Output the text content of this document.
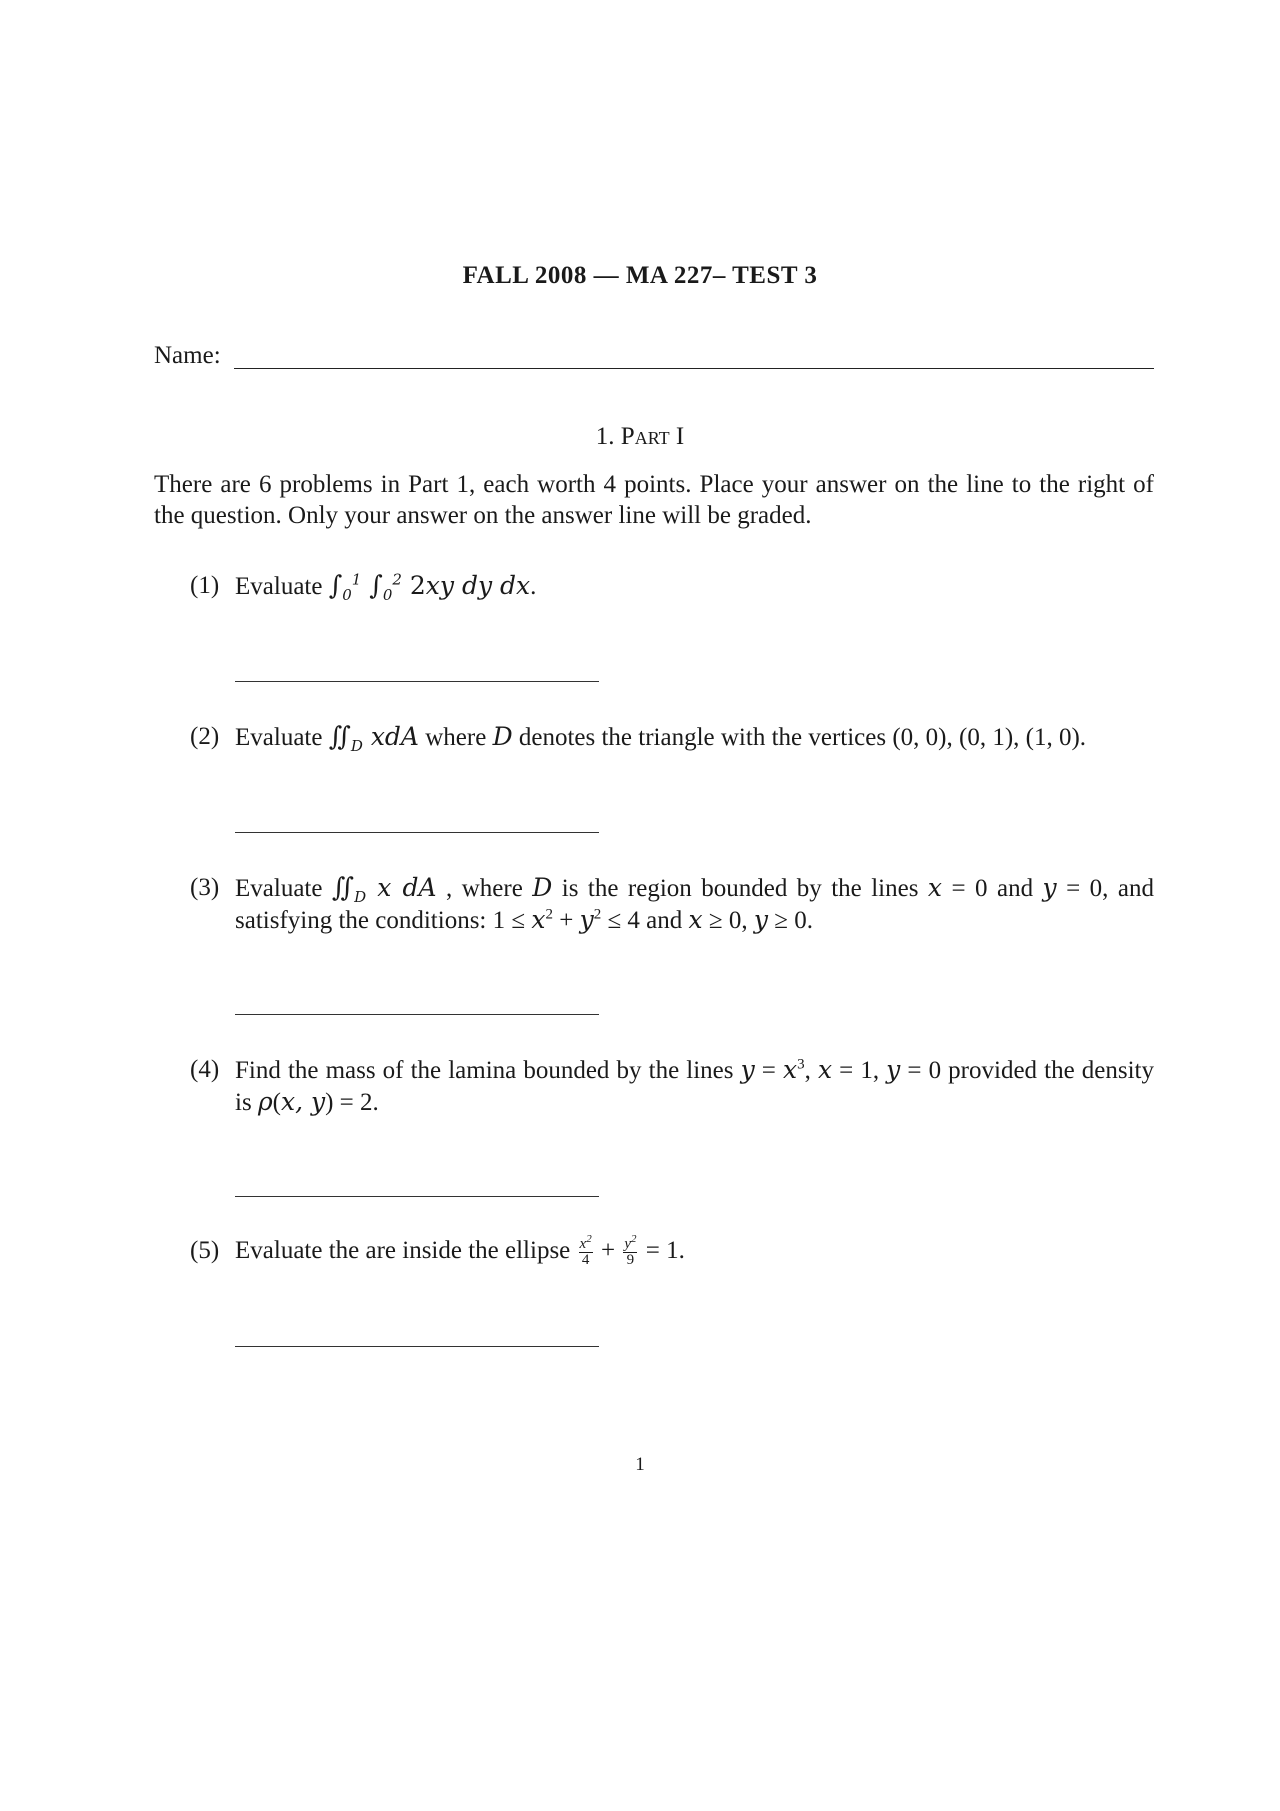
FALL 2008 — MA 227– TEST 3
Name:
1. Part I
There are 6 problems in Part 1, each worth 4 points. Place your answer on the line to the right of the question. Only your answer on the answer line will be graded.
(1) Evaluate $\int_0^1$ $\int_0^2$ 2xy dy dx.
(2) Evaluate $∬_D$ xdA where D denotes the triangle with the vertices (0, 0), (0, 1), (1, 0).
(3) Evaluate $∬_D$ x dA , where D is the region bounded by the lines x = 0 and y = 0, and satisfying the conditions: $1 \le x^2 + y^2 \le 4$ and x ≥ 0, y ≥ 0.
(4) Find the mass of the lamina bounded by the lines $y = x^3$, x = 1, y = 0 provided the density is ρ(x, y) = 2.
(5) Evaluate the are inside the ellipse $\frac{x^2}{4} + \frac{y^2}{9} = 1$.
1
